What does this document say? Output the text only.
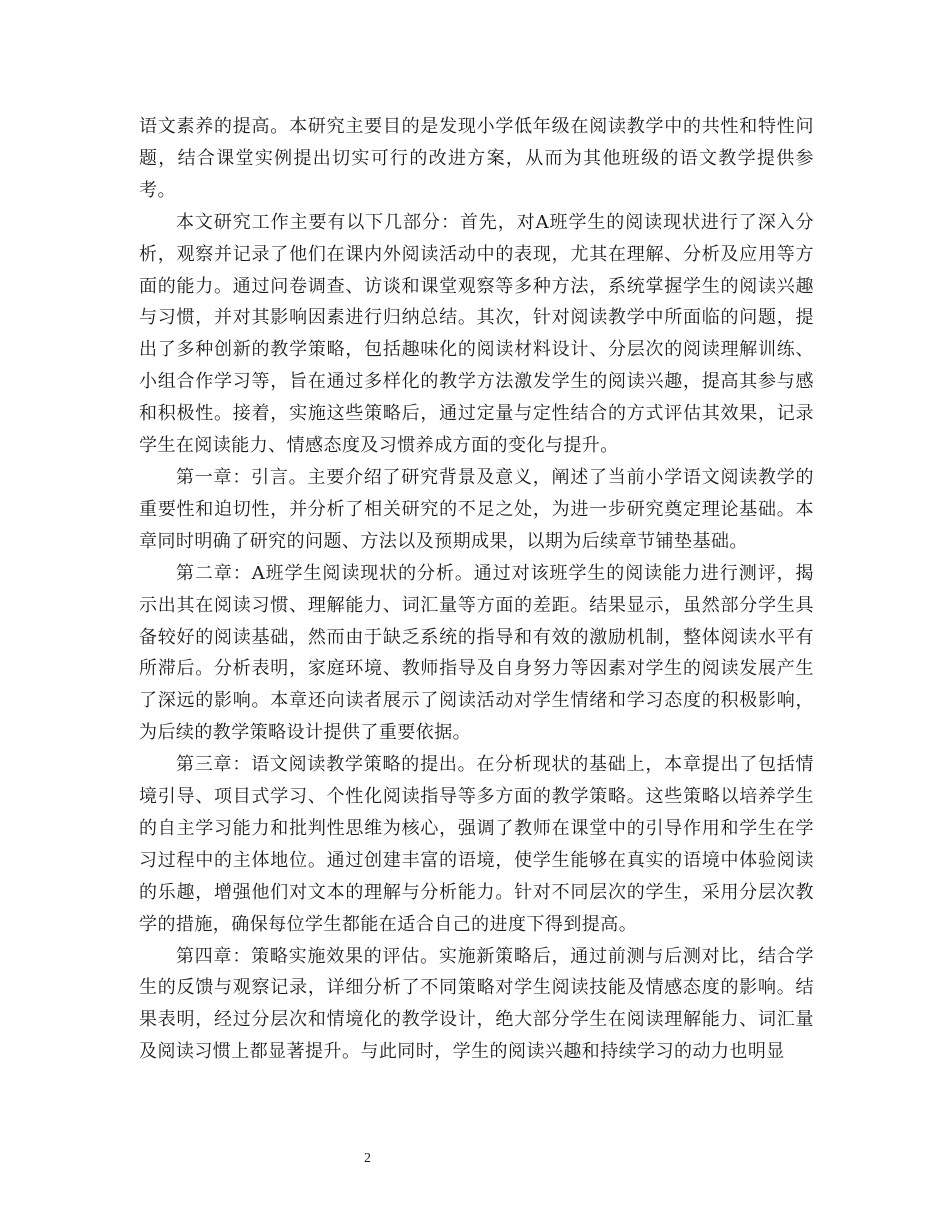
语文素养的提高。本研究主要目的是发现小学低年级在阅读教学中的共性和特性问题，结合课堂实例提出切实可行的改进方案，从而为其他班级的语文教学提供参考。

本文研究工作主要有以下几部分：首先，对A班学生的阅读现状进行了深入分析，观察并记录了他们在课内外阅读活动中的表现，尤其在理解、分析及应用等方面的能力。通过问卷调查、访谈和课堂观察等多种方法，系统掌握学生的阅读兴趣与习惯，并对其影响因素进行归纳总结。其次，针对阅读教学中所面临的问题，提出了多种创新的教学策略，包括趣味化的阅读材料设计、分层次的阅读理解训练、小组合作学习等，旨在通过多样化的教学方法激发学生的阅读兴趣，提高其参与感和积极性。接着，实施这些策略后，通过定量与定性结合的方式评估其效果，记录学生在阅读能力、情感态度及习惯养成方面的变化与提升。

第一章：引言。主要介绍了研究背景及意义，阐述了当前小学语文阅读教学的重要性和迫切性，并分析了相关研究的不足之处，为进一步研究奠定理论基础。本章同时明确了研究的问题、方法以及预期成果，以期为后续章节铺垫基础。

第二章：A班学生阅读现状的分析。通过对该班学生的阅读能力进行测评，揭示出其在阅读习惯、理解能力、词汇量等方面的差距。结果显示，虽然部分学生具备较好的阅读基础，然而由于缺乏系统的指导和有效的激励机制，整体阅读水平有所滞后。分析表明，家庭环境、教师指导及自身努力等因素对学生的阅读发展产生了深远的影响。本章还向读者展示了阅读活动对学生情绪和学习态度的积极影响，为后续的教学策略设计提供了重要依据。

第三章：语文阅读教学策略的提出。在分析现状的基础上，本章提出了包括情境引导、项目式学习、个性化阅读指导等多方面的教学策略。这些策略以培养学生的自主学习能力和批判性思维为核心，强调了教师在课堂中的引导作用和学生在学习过程中的主体地位。通过创建丰富的语境，使学生能够在真实的语境中体验阅读的乐趣，增强他们对文本的理解与分析能力。针对不同层次的学生，采用分层次教学的措施，确保每位学生都能在适合自己的进度下得到提高。

第四章：策略实施效果的评估。实施新策略后，通过前测与后测对比，结合学生的反馈与观察记录，详细分析了不同策略对学生阅读技能及情感态度的影响。结果表明，经过分层次和情境化的教学设计，绝大部分学生在阅读理解能力、词汇量及阅读习惯上都显著提升。与此同时，学生的阅读兴趣和持续学习的动力也明显

2
